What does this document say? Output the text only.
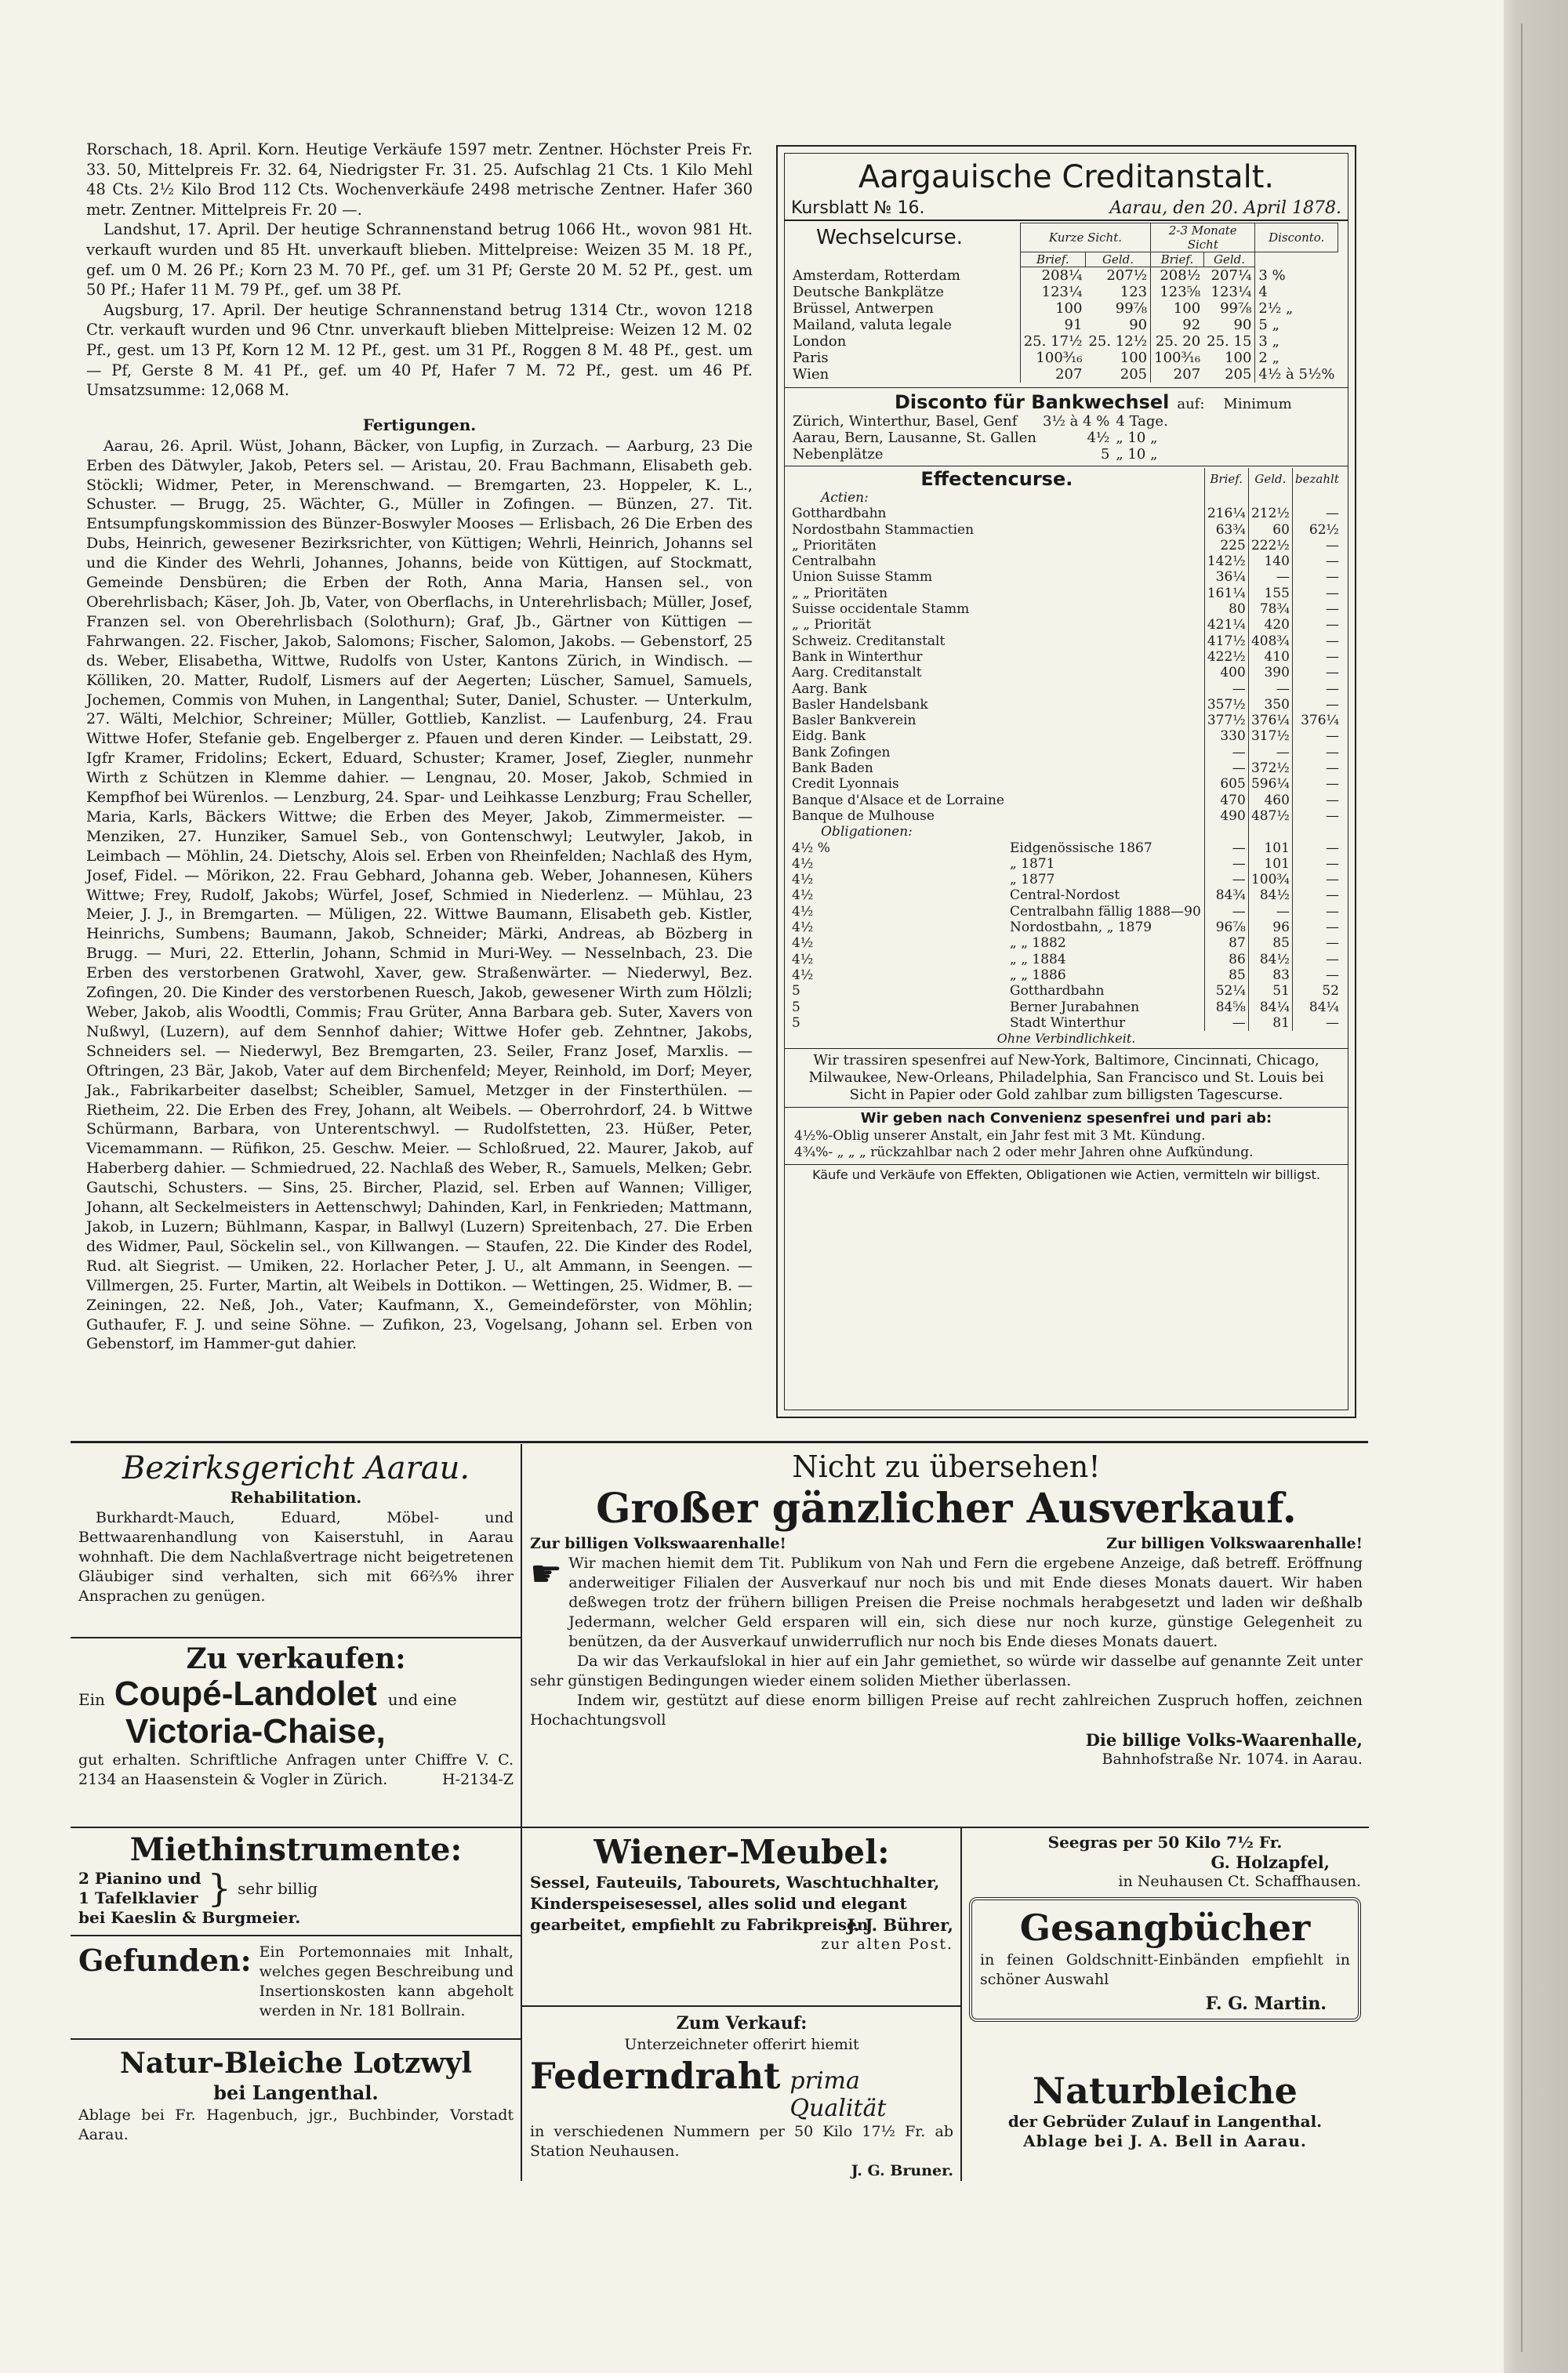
Rorschach, 18. April. Korn. Heutige Verkäufe 1597 metr. Zentner. Höchster Preis Fr. 33. 50, Mittelpreis Fr. 32. 64, Niedrigster Fr. 31. 25. Aufschlag 21 Cts. 1 Kilo Mehl 48 Cts. 2½ Kilo Brod 112 Cts. Wochenverkäufe 2498 metrische Zentner. Hafer 360 metr. Zentner. Mittelpreis Fr. 20 —.

Landshut, 17. April. Der heutige Schrannenstand betrug 1066 Ht., wovon 981 Ht. verkauft wurden und 85 Ht. unverkauft blieben. Mittelpreise: Weizen 35 M. 18 Pf., gef. um 0 M. 26 Pf.; Korn 23 M. 70 Pf., gef. um 31 Pf; Gerste 20 M. 52 Pf., gest. um 50 Pf.; Hafer 11 M. 79 Pf., gef. um 38 Pf.

Augsburg, 17. April. Der heutige Schrannenstand betrug 1314 Ctr., wovon 1218 Ctr. verkauft wurden und 96 Ctnr. unverkauft blieben Mittelpreise: Weizen 12 M. 02 Pf., gest. um 13 Pf, Korn 12 M. 12 Pf., gest. um 31 Pf., Roggen 8 M. 48 Pf., gest. um — Pf, Gerste 8 M. 41 Pf., gef. um 40 Pf, Hafer 7 M. 72 Pf., gest. um 46 Pf. Umsatzsumme: 12,068 M.

Fertigungen.

Aarau, 26. April. Wüst, Johann, Bäcker, von Lupfig, in Zurzach. — Aarburg, 23 Die Erben des Dätwyler, Jakob, Peters sel. — Aristau, 20. Frau Bachmann, Elisabeth geb. Stöckli; Widmer, Peter, in Merenschwand. — Bremgarten, 23. Hoppeler, K. L., Schuster. — Brugg, 25. Wächter, G., Müller in Zofingen. — Bünzen, 27. Tit. Entsumpfungskommission des Bünzer-Boswyler Mooses — Erlisbach, 26 Die Erben des Dubs, Heinrich, gewesener Bezirksrichter, von Küttigen; Wehrli, Heinrich, Johanns sel und die Kinder des Wehrli, Johannes, Johanns, beide von Küttigen, auf Stockmatt, Gemeinde Densbüren; die Erben der Roth, Anna Maria, Hansen sel., von Oberehrlisbach; Käser, Joh. Jb, Vater, von Oberflachs, in Unterehrlisbach; Müller, Josef, Franzen sel. von Oberehrlisbach (Solothurn); Graf, Jb., Gärtner von Küttigen — Fahrwangen. 22. Fischer, Jakob, Salomons; Fischer, Salomon, Jakobs. — Gebenstorf, 25 ds. Weber, Elisabetha, Wittwe, Rudolfs von Uster, Kantons Zürich, in Windisch. — Kölliken, 20. Matter, Rudolf, Lismers auf der Aegerten; Lüscher, Samuel, Samuels, Jochemen, Commis von Muhen, in Langenthal; Suter, Daniel, Schuster. — Unterkulm, 27. Wälti, Melchior, Schreiner; Müller, Gottlieb, Kanzlist. — Laufenburg, 24. Frau Wittwe Hofer, Stefanie geb. Engelberger z. Pfauen und deren Kinder. — Leibstatt, 29. Igfr Kramer, Fridolins; Eckert, Eduard, Schuster; Kramer, Josef, Ziegler, nunmehr Wirth z Schützen in Klemme dahier. — Lengnau, 20. Moser, Jakob, Schmied in Kempfhof bei Würenlos. — Lenzburg, 24. Spar- und Leihkasse Lenzburg; Frau Scheller, Maria, Karls, Bäckers Wittwe; die Erben des Meyer, Jakob, Zimmermeister. — Menziken, 27. Hunziker, Samuel Seb., von Gontenschwyl; Leutwyler, Jakob, in Leimbach — Möhlin, 24. Dietschy, Alois sel. Erben von Rheinfelden; Nachlaß des Hym, Josef, Fidel. — Mörikon, 22. Frau Gebhard, Johanna geb. Weber, Johannesen, Kühers Wittwe; Frey, Rudolf, Jakobs; Würfel, Josef, Schmied in Niederlenz. — Mühlau, 23 Meier, J. J., in Bremgarten. — Müligen, 22. Wittwe Baumann, Elisabeth geb. Kistler, Heinrichs, Sumbens; Baumann, Jakob, Schneider; Märki, Andreas, ab Bözberg in Brugg. — Muri, 22. Etterlin, Johann, Schmid in Muri-Wey. — Nesselnbach, 23. Die Erben des verstorbenen Gratwohl, Xaver, gew. Straßenwärter. — Niederwyl, Bez. Zofingen, 20. Die Kinder des verstorbenen Ruesch, Jakob, gewesener Wirth zum Hölzli; Weber, Jakob, alis Woodtli, Commis; Frau Grüter, Anna Barbara geb. Suter, Xavers von Nußwyl, (Luzern), auf dem Sennhof dahier; Wittwe Hofer geb. Zehntner, Jakobs, Schneiders sel. — Niederwyl, Bez Bremgarten, 23. Seiler, Franz Josef, Marxlis. — Oftringen, 23 Bär, Jakob, Vater auf dem Birchenfeld; Meyer, Reinhold, im Dorf; Meyer, Jak., Fabrikarbeiter daselbst; Scheibler, Samuel, Metzger in der Finsterthülen. — Rietheim, 22. Die Erben des Frey, Johann, alt Weibels. — Oberrohrdorf, 24. b Wittwe Schürmann, Barbara, von Unterentschwyl. — Rudolfstetten, 23. Hüßer, Peter, Vicemammann. — Rüfikon, 25. Geschw. Meier. — Schloßrued, 22. Maurer, Jakob, auf Haberberg dahier. — Schmiedrued, 22. Nachlaß des Weber, R., Samuels, Melken; Gebr. Gautschi, Schusters. — Sins, 25. Bircher, Plazid, sel. Erben auf Wannen; Villiger, Johann, alt Seckelmeisters in Aettenschwyl; Dahinden, Karl, in Fenkrieden; Mattmann, Jakob, in Luzern; Bühlmann, Kaspar, in Ballwyl (Luzern) Spreitenbach, 27. Die Erben des Widmer, Paul, Söckelin sel., von Killwangen. — Staufen, 22. Die Kinder des Rodel, Rud. alt Siegrist. — Umiken, 22. Horlacher Peter, J. U., alt Ammann, in Seengen. — Villmergen, 25. Furter, Martin, alt Weibels in Dottikon. — Wettingen, 25. Widmer, B. — Zeiningen, 22. Neß, Joh., Vater; Kaufmann, X., Gemeindeförster, von Möhlin; Guthaufer, F. J. und seine Söhne. — Zufikon, 23, Vogelsang, Johann sel. Erben von Gebenstorf, im Hammer-gut dahier.

Aargauische Creditanstalt.
Kursblatt № 16.	Aarau, den 20. April 1878.
Wechselcurse.
		Kurze Sicht.		2-3 Monate Sicht		Disconto.
	Brief.	Geld.	Brief.	Geld.	
Amsterdam, Rotterdam	208¼	207½	208½	207¼	3 %
Deutsche Bankplätze	123¼	123	123⅝	123¼	4
Brüssel, Antwerpen	100	99⅞	100	99⅞	2½ „
Mailand, valuta legale	91	90	92	90	5 „
London	25. 17½	25. 12½	25. 20	25. 15	3 „
Paris	100³⁄₁₆	100	100³⁄₁₆	100	2 „
Wien	207	205	207	205	4½ à 5⅟₂%
Disconto für Bankwechsel auf: Minimum
Zürich, Winterthur, Basel, Genf	3½ à 4 %	4 Tage.
Aarau, Bern, Lausanne, St. Gallen	4½	„ 10 „
Nebenplätze	5	„ 10 „
Effectencurse.		Brief.	Geld.	bezahlt
Actien:				
Gotthardbahn		216¼	212½	—
Nordostbahn Stammactien		63¾	60	62½
„ Prioritäten		225	222½	—
Centralbahn		142½	140	—
Union Suisse Stamm		36¼	—	—
„ „ Prioritäten		161¼	155	—
Suisse occidentale Stamm		80	78¾	—
„ „ Priorität		421¼	420	—
Schweiz. Creditanstalt		417½	408¾	—
Bank in Winterthur		422½	410	—
Aarg. Creditanstalt		400	390	—
Aarg. Bank		—	—	—
Basler Handelsbank		357½	350	—
Basler Bankverein		377½	376¼	376¼
Eidg. Bank		330	317½	—
Bank Zofingen		—	—	—
Bank Baden		—	372½	—
Credit Lyonnais		605	596¼	—
Banque d'Alsace et de Lorraine		470	460	—
Banque de Mulhouse		490	487½	—
Obligationen:				
4½ %	Eidgenössische 1867	—	101	—
4½	„ 1871	—	101	—
4½	„ 1877	—	100¾	—
4½	Central-Nordost	84¾	84½	—
4½	Centralbahn fällig 1888—90	—	—	—
4½	Nordostbahn, „ 1879	96⅞	96	—
4½	„ „ 1882	87	85	—
4½	„ „ 1884	86	84½	—
4½	„ „ 1886	85	83	—
5	Gotthardbahn	52¼	51	52
5	Berner Jurabahnen	84⅝	84¼	84¼
5	Stadt Winterthur	—	81	—
Ohne Verbindlichkeit.

Wir trassiren spesenfrei auf New-York, Baltimore, Cincinnati, Chicago, Milwaukee, New-Orleans, Philadelphia, San Francisco und St. Louis bei Sicht in Papier oder Gold zahlbar zum billigsten Tagescurse.

Wir geben nach Convenienz spesenfrei und pari ab:

4½%-Oblig unserer Anstalt, ein Jahr fest mit 3 Mt. Kündung.

4¾%- „ „ „ rückzahlbar nach 2 oder mehr Jahren ohne Aufkündung.

Käufe und Verkäufe von Effekten, Obligationen wie Actien, vermitteln wir billigst.

Bezirksgericht Aarau.
Rehabilitation.

Burkhardt-Mauch, Eduard, Möbel- und Bettwaarenhandlung von Kaiserstuhl, in Aarau wohnhaft. Die dem Nachlaßvertrage nicht beigetretenen Gläubiger sind verhalten, sich mit 66⅔% ihrer Ansprachen zu genügen.

Zu verkaufen:
Ein Coupé-Landolet und eine
Victoria-Chaise,

gut erhalten. Schriftliche Anfragen unter Chiffre V. C. 2134 an Haasenstein & Vogler in Zürich.	H-2134-Z

Miethinstrumente:

2 Pianino und

1 Tafelklavier } sehr billig

bei Kaeslin & Burgmeier.

Gefunden: Ein Portemonnaies mit Inhalt, welches gegen Beschreibung und Insertionskosten kann abgeholt werden in Nr. 181 Bollrain.

Natur-Bleiche Lotzwyl
bei Langenthal.

Ablage bei Fr. Hagenbuch, jgr., Buchbinder, Vorstadt Aarau.

Nicht zu übersehen!
Großer gänzlicher Ausverkauf.
Zur billigen Volkswaarenhalle!	Zur billigen Volkswaarenhalle!
☛ Wir machen hiemit dem Tit. Publikum von Nah und Fern die ergebene Anzeige, daß betreff. Eröffnung anderweitiger Filialen der Ausverkauf nur noch bis und mit Ende dieses Monats dauert. Wir haben deßwegen trotz der frühern billigen Preisen die Preise nochmals herabgesetzt und laden wir deßhalb Jedermann, welcher Geld ersparen will ein, sich diese nur noch kurze, günstige Gelegenheit zu benützen, da der Ausverkauf unwiderruflich nur noch bis Ende dieses Monats dauert.

Da wir das Verkaufslokal in hier auf ein Jahr gemiethet, so würde wir dasselbe auf genannte Zeit unter sehr günstigen Bedingungen wieder einem soliden Miether überlassen.

Indem wir, gestützt auf diese enorm billigen Preise auf recht zahlreichen Zuspruch hoffen, zeichnen Hochachtungsvoll

Die billige Volks-Waarenhalle,

Bahnhofstraße Nr. 1074. in Aarau.

Wiener-Meubel:

Sessel, Fauteuils, Tabourets, Waschtuchhalter, Kinderspeisesessel, alles solid und elegant gearbeitet, empfiehlt zu Fabrikpreisen

J. J. Bührer,

zur alten Post.

Zum Verkauf:

Unterzeichneter offerirt hiemit

Federndraht prima Qualität

in verschiedenen Nummern per 50 Kilo 17½ Fr. ab Station Neuhausen.

J. G. Bruner.

Seegras per 50 Kilo 7½ Fr.

G. Holzapfel,

in Neuhausen Ct. Schaffhausen.

Gesangbücher

in feinen Goldschnitt-Einbänden empfiehlt in schöner Auswahl

F. G. Martin.

Naturbleiche

der Gebrüder Zulauf in Langenthal.

Ablage bei J. A. Bell in Aarau.
